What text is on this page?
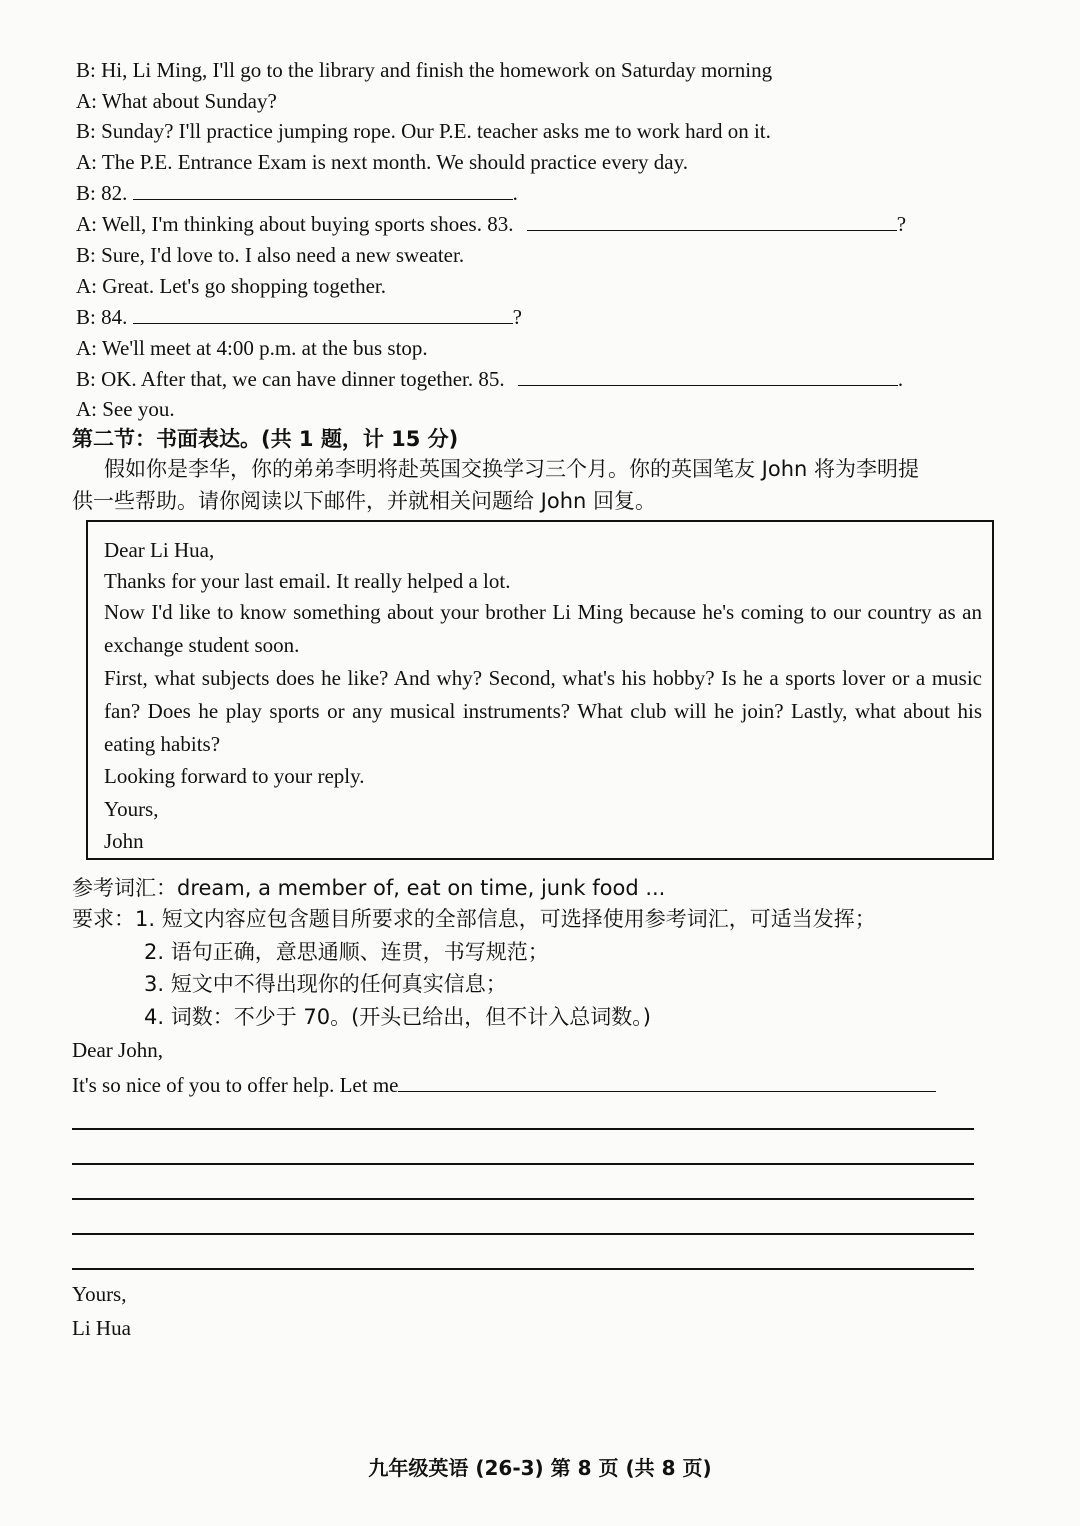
B: Hi, Li Ming, I'll go to the library and finish the homework on Saturday morning
A: What about Sunday?
B: Sunday? I'll practice jumping rope. Our P.E. teacher asks me to work hard on it.
A: The P.E. Entrance Exam is next month. We should practice every day.
B: 82.	.
A: Well, I'm thinking about buying sports shoes. 83.	?
B: Sure, I'd love to. I also need a new sweater.
A: Great. Let's go shopping together.
B: 84.	?
A: We'll meet at 4:00 p.m. at the bus stop.
B: OK. After that, we can have dinner together. 85.	.
A: See you.
第二节：书面表达。(共 1 题，计 15 分)
假如你是李华，你的弟弟李明将赴英国交换学习三个月。你的英国笔友 John 将为李明提
供一些帮助。请你阅读以下邮件，并就相关问题给 John 回复。
Dear Li Hua,
Thanks for your last email. It really helped a lot.
Now I'd like to know something about your brother Li Ming because he's coming to our country as an exchange student soon.
First, what subjects does he like? And why? Second, what's his hobby? Is he a sports lover or a music fan? Does he play sports or any musical instruments? What club will he join? Lastly, what about his eating habits?
Looking forward to your reply.
Yours,
John
参考词汇：dream, a member of, eat on time, junk food ...
要求：1. 短文内容应包含题目所要求的全部信息，可选择使用参考词汇，可适当发挥；
2. 语句正确，意思通顺、连贯，书写规范；
3. 短文中不得出现你的任何真实信息；
4. 词数：不少于 70。(开头已给出，但不计入总词数。)
Dear John,
It's so nice of you to offer help. Let me
Yours,
Li Hua
九年级英语 (26-3) 第 8 页 (共 8 页)
